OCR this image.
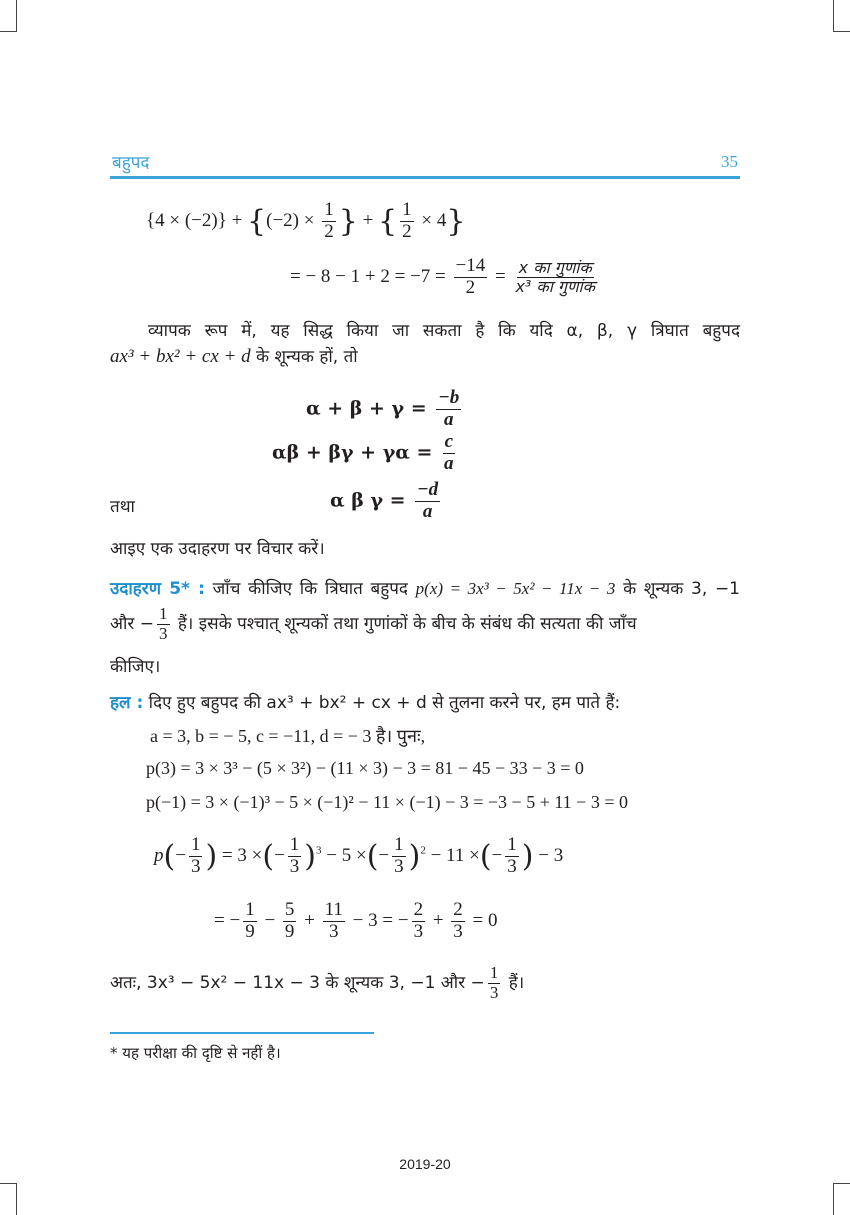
बहुपद	35
$\{4 \times (-2)\} + \{(-2) \times \frac{1}{2}$ } + { $\frac{1}{2} \times 4$}
= − $8 - 1 + 2 = -7 = \frac{-14}{2} = \frac{\text{x का गुणांक}}{\text{x³ का गुणांक}}$
व्यापक रूप में, यह सिद्ध किया जा सकता है कि यदि α, β, γ त्रिघात बहुपद
ax³ + bx² + cx + d के शून्यक हों, तो
$\alpha + \beta + \gamma = \frac{-b}{a}$
$\alpha\beta + \beta\gamma + \gamma\alpha = \frac{c}{a}$
तथा	α β $\gamma = \frac{-d}{a}$
आइए एक उदाहरण पर विचार करें।
उदाहरण 5* : जाँच कीजिए कि त्रिघात बहुपद p(x) = 3x³ − 5x² − 11x − 3 के शून्यक 3, −1
और − $\frac{1}{3}$ हैं। इसके पश्चात् शून्यकों तथा गुणांकों के बीच के संबंध की सत्यता की जाँच
कीजिए।
हल : दिए हुए बहुपद की ax³ + bx² + cx + d से तुलना करने पर, हम पाते हैं:
a = 3, b = − 5, c = −11, d = − 3 है। पुनः,
p(3) = 3 × 3³ − (5 × 3²) − (11 × 3) − 3 = 81 − 45 − 33 − 3 = 0
p(−1) = 3 × (−1)³ − 5 × (−1)² − 11 × (−1) − 3 = −3 − 5 + 11 − 3 = 0
$p(- \frac{1}{3}$ ) = 3 ×(− $\frac{1}{3} )^3 - 5$ ×(− $\frac{1}{3} )^2 - 11$ ×(− $\frac{1}{3}$ ) − 3
= − $\frac{1}{9} - \frac{5}{9} + \frac{11}{3} - 3$ = − $\frac{2}{3} + \frac{2}{3} = 0$
अतः, 3x³ − 5x² − 11x − 3 के शून्यक 3, −1 और − $\frac{1}{3}$ हैं।
* यह परीक्षा की दृष्टि से नहीं है।
2019-20
